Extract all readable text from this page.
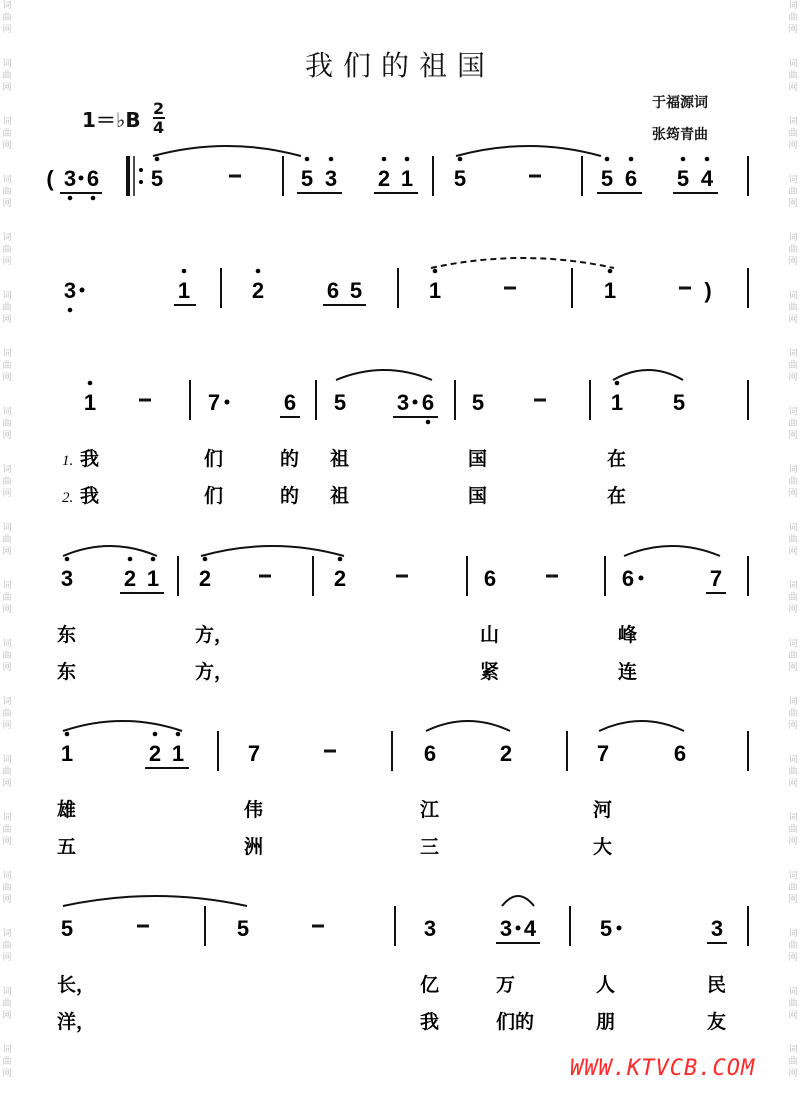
词
曲
网
词
曲
网
词
曲
网
词
曲
网
词
曲
网
词
曲
网
词
曲
网
词
曲
网
词
曲
网
词
曲
网
词
曲
网
词
曲
网
词
曲
网
词
曲
网
词
曲
网
词
曲
网
词
曲
网
词
曲
网
词
曲
网
词
曲
网
词
曲
网
词
曲
网
词
曲
网
词
曲
网
词
曲
网
词
曲
网
词
曲
网
词
曲
网
词
曲
网
词
曲
网
词
曲
网
词
曲
网
词
曲
网
词
曲
网
词
曲
网
词
曲
网
词
曲
网
词
曲
网
我们的祖国
于福源词
张筠青曲
1＝♭B $\frac{2}{4}$
( 3 6 5	5 3 2 1 5	5 6 5 4
3	1	2	6 5	1	1	)
1	7	6 5 3 6 5	1 5
1. 我	们	的 祖	国	在
2. 我	们	的 祖	国	在
3 2 1 2	2	6	6	7
东	方，	山	峰
东	方，	紧	连
1	2 1	7	6	2	7	6
雄	伟	江	河
五	洲	三	大
5	5	3	3 4	5	3
长，	亿	万	人	民
洋，	我	们的	朋	友
WWW.KTVCB.COM
